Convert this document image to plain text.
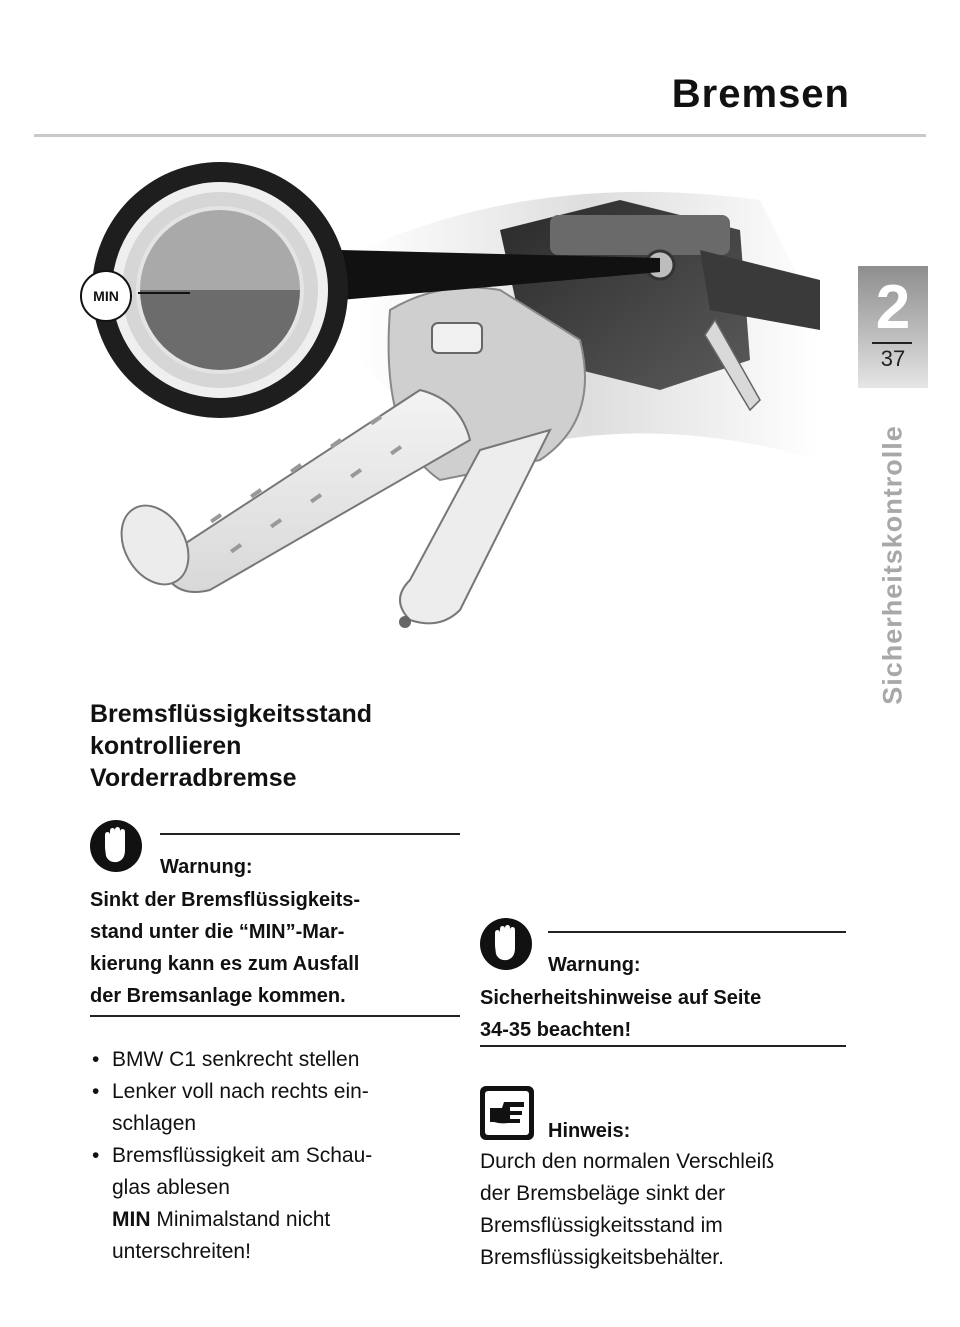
Bremsen
2
37
Sicherheitskontrolle
MIN
Bremsflüssigkeitsstand
kontrollieren
Vorderradbremse
Warnung:
Sinkt der Bremsflüssigkeits-
stand unter die “MIN”-Mar-
kierung kann es zum Ausfall
der Bremsanlage kommen.
• BMW C1 senkrecht stellen
• Lenker voll nach rechts ein-
schlagen
• Bremsflüssigkeit am Schau-
glas ablesen
MIN Minimalstand nicht
unterschreiten!
Warnung:
Sicherheitshinweise auf Seite
34-35 beachten!
Hinweis:
Durch den normalen Verschleiß
der Bremsbeläge sinkt der
Bremsflüssigkeitsstand im
Bremsflüssigkeitsbehälter.
